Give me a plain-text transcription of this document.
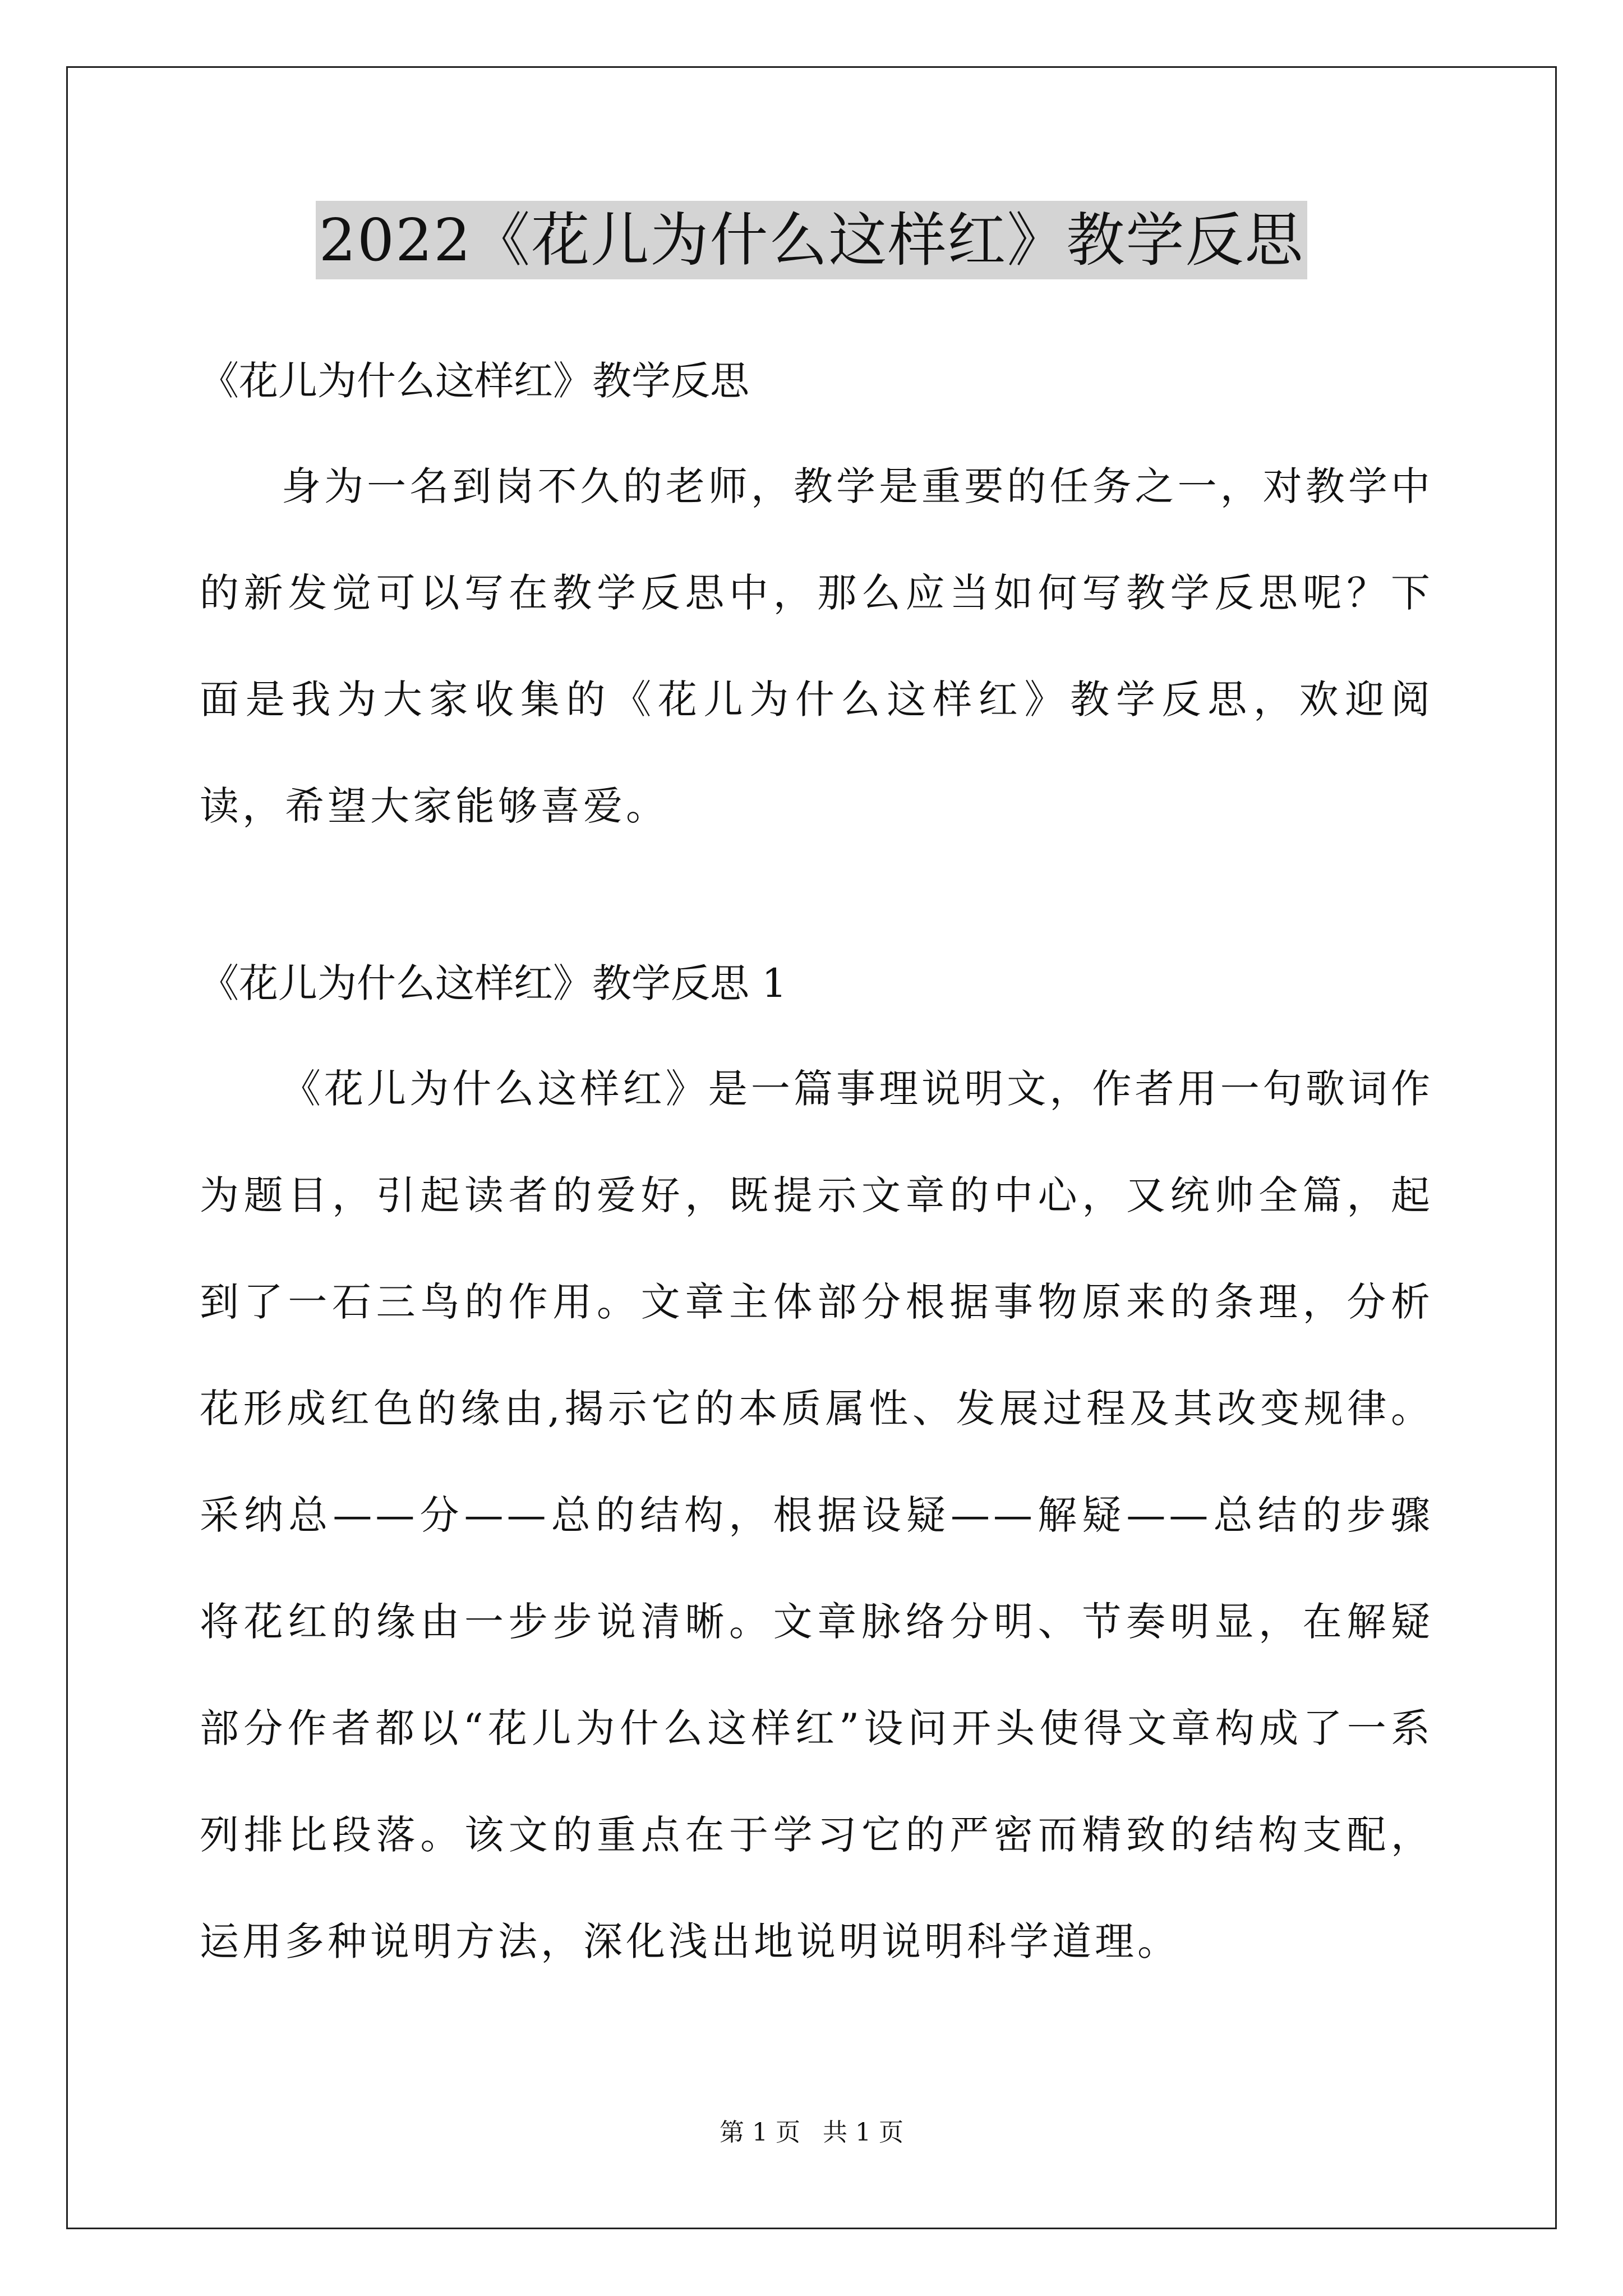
2022《花儿为什么这样红》教学反思
《花儿为什么这样红》教学反思

身为一名到岗不久的老师，教学是重要的任务之一，对教学中的新发觉可以写在教学反思中，那么应当如何写教学反思呢？下面是我为大家收集的《花儿为什么这样红》教学反思，欢迎阅读，希望大家能够喜爱。

《花儿为什么这样红》教学反思 1

《花儿为什么这样红》是一篇事理说明文，作者用一句歌词作为题目，引起读者的爱好，既提示文章的中心，又统帅全篇，起到了一石三鸟的作用。文章主体部分根据事物原来的条理，分析花形成红色的缘由,揭示它的本质属性、发展过程及其改变规律。采纳总——分——总的结构，根据设疑——解疑——总结的步骤将花红的缘由一步步说清晰。文章脉络分明、节奏明显，在解疑部分作者都以“花儿为什么这样红”设问开头使得文章构成了一系列排比段落。该文的重点在于学习它的严密而精致的结构支配，运用多种说明方法，深化浅出地说明说明科学道理。

第 1 页 共 1 页
